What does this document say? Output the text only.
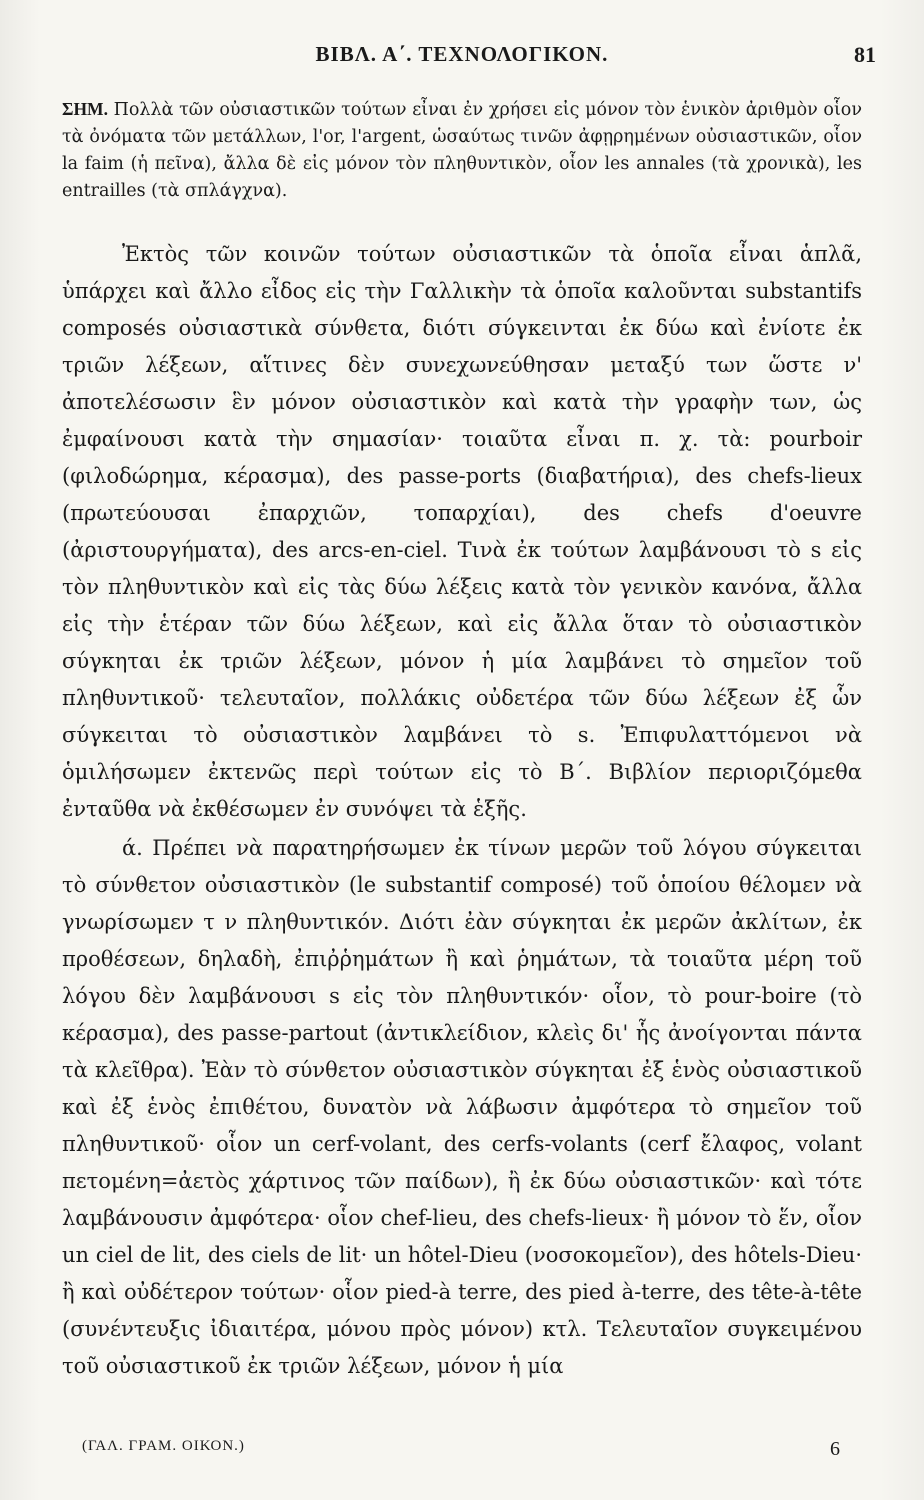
ΒΙΒΛ. Α΄. ΤΕΧΝΟΛΟΓΙΚΟΝ.	81
ΣΗΜ. Πολλὰ τῶν οὐσιαστικῶν τούτων εἶναι ἐν χρήσει εἰς μόνον τὸν ἑνικὸν ἀριθμὸν οἷον τὰ ὀνόματα τῶν μετάλλων, l'or, l'argent, ὡσαύτως τινῶν ἀφῃρημένων οὐσιαστικῶν, οἷον la faim (ἡ πεῖνα), ἄλλα δὲ εἰς μόνον τὸν πληθυντικὸν, οἷον les annales (τὰ χρονικὰ), les entrailles (τὰ σπλάγχνα).

Ἐκτὸς τῶν κοινῶν τούτων οὐσιαστικῶν τὰ ὁποῖα εἶναι ἁπλᾶ, ὑπάρχει καὶ ἄλλο εἶδος εἰς τὴν Γαλλικὴν τὰ ὁποῖα καλοῦνται substantifs composés οὐσιαστικὰ σύνθετα, διότι σύγκεινται ἐκ δύω καὶ ἐνίοτε ἐκ τριῶν λέξεων, αἵτινες δὲν συνεχωνεύθησαν μεταξύ των ὥστε ν' ἀποτελέσωσιν ἓν μόνον οὐσιαστικὸν καὶ κατὰ τὴν γραφὴν των, ὡς ἐμφαίνουσι κατὰ τὴν σημασίαν· τοιαῦτα εἶναι π. χ. τὰ: pourboir (φιλοδώρημα, κέρασμα), des passe-ports (διαβατήρια), des chefs-lieux (πρωτεύουσαι ἐπαρχιῶν, τοπαρχίαι), des chefs d'oeuvre (ἀριστουργήματα), des arcs-en-ciel. Τινὰ ἐκ τούτων λαμβάνουσι τὸ s εἰς τὸν πληθυντικὸν καὶ εἰς τὰς δύω λέξεις κατὰ τὸν γενικὸν κανόνα, ἄλλα εἰς τὴν ἑτέραν τῶν δύω λέξεων, καὶ εἰς ἄλλα ὅταν τὸ οὐσιαστικὸν σύγκηται ἐκ τριῶν λέξεων, μόνον ἡ μία λαμβάνει τὸ σημεῖον τοῦ πληθυντικοῦ· τελευταῖον, πολλάκις οὐδετέρα τῶν δύω λέξεων ἐξ ὧν σύγκειται τὸ οὐσιαστικὸν λαμβάνει τὸ s. Ἐπιφυλαττόμενοι νὰ ὁμιλήσωμεν ἐκτενῶς περὶ τούτων εἰς τὸ Β΄. Βιβλίον περιοριζόμεθα ἐνταῦθα νὰ ἐκθέσωμεν ἐν συνόψει τὰ ἑξῆς.

ά. Πρέπει νὰ παρατηρήσωμεν ἐκ τίνων μερῶν τοῦ λόγου σύγκειται τὸ σύνθετον οὐσιαστικὸν (le substantif composé) τοῦ ὁποίου θέλομεν νὰ γνωρίσωμεν τ ν πληθυντικόν. Διότι ἐὰν σύγκηται ἐκ μερῶν ἀκλίτων, ἐκ προθέσεων, δηλαδὴ, ἐπιῤῥημάτων ἢ καὶ ῥημάτων, τὰ τοιαῦτα μέρη τοῦ λόγου δὲν λαμβάνουσι s εἰς τὸν πληθυντικόν· οἷον, τὸ pour-boire (τὸ κέρασμα), des passe-partout (ἀντικλείδιον, κλεὶς δι' ἧς ἀνοίγονται πάντα τὰ κλεῖθρα). Ἐὰν τὸ σύνθετον οὐσιαστικὸν σύγκηται ἐξ ἑνὸς οὐσιαστικοῦ καὶ ἐξ ἑνὸς ἐπιθέτου, δυνατὸν νὰ λάβωσιν ἀμφότερα τὸ σημεῖον τοῦ πληθυντικοῦ· οἷον un cerf-volant, des cerfs-volants (cerf ἔλαφος, volant πετομένη=ἀετὸς χάρτινος τῶν παίδων), ἢ ἐκ δύω οὐσιαστικῶν· καὶ τότε λαμβάνουσιν ἀμφότερα· οἷον chef-lieu, des chefs-lieux· ἢ μόνον τὸ ἕν, οἷον un ciel de lit, des ciels de lit· un hôtel-Dieu (νοσοκομεῖον), des hôtels-Dieu· ἢ καὶ οὐδέτερον τούτων· οἷον pied-à terre, des pied à-terre, des tête-à-tête (συνέντευξις ἰδιαιτέρα, μόνου πρὸς μόνον) κτλ. Τελευταῖον συγκειμένου τοῦ οὐσιαστικοῦ ἐκ τριῶν λέξεων, μόνον ἡ μία

(ΓΑΛ. ΓΡΑΜ. ΟΙΚΟΝ.)	6
